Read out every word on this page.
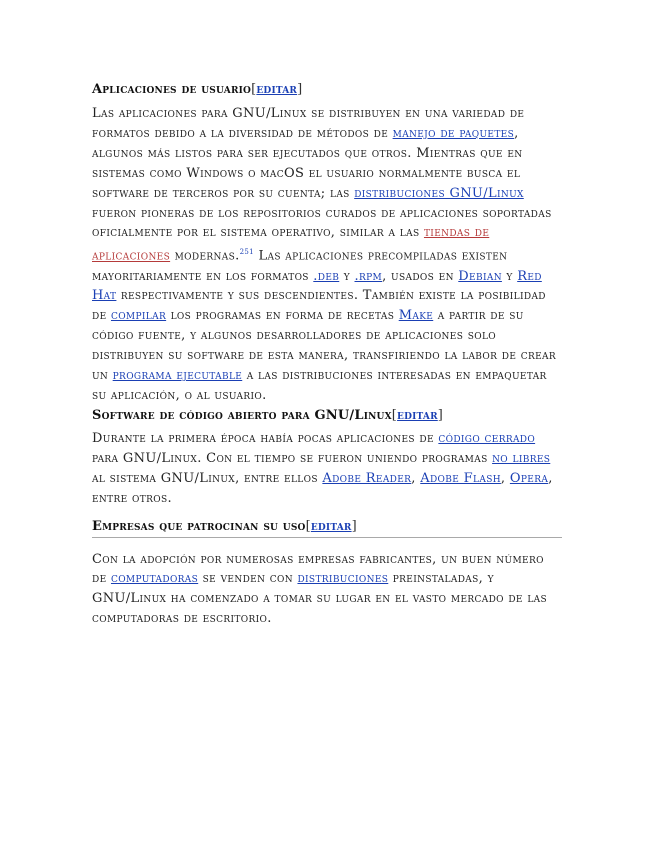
Aplicaciones de usuario[editar]

Las aplicaciones para GNU/Linux se distribuyen en una variedad de formatos debido a la diversidad de métodos de manejo de paquetes, algunos más listos para ser ejecutados que otros. Mientras que en sistemas como Windows o macOS el usuario normalmente busca el software de terceros por su cuenta; las distribuciones GNU/Linux fueron pioneras de los repositorios curados de aplicaciones soportadas oficialmente por el sistema operativo, similar a las tiendas de aplicaciones modernas.$^{251}$ Las aplicaciones precompiladas existen mayoritariamente en los formatos .deb y .rpm, usados en Debian y Red Hat respectivamente y sus descendientes. También existe la posibilidad de compilar los programas en forma de recetas Make a partir de su código fuente, y algunos desarrolladores de aplicaciones solo distribuyen su software de esta manera, transfiriendo la labor de crear un programa ejecutable a las distribuciones interesadas en empaquetar su aplicación, o al usuario.

Software de código abierto para GNU/Linux[editar]

Durante la primera época había pocas aplicaciones de código cerrado para GNU/Linux. Con el tiempo se fueron uniendo programas no libres al sistema GNU/Linux, entre ellos Adobe Reader, Adobe Flash, Opera, entre otros.

Empresas que patrocinan su uso[editar]

Con la adopción por numerosas empresas fabricantes, un buen número de computadoras se venden con distribuciones preinstaladas, y GNU/Linux ha comenzado a tomar su lugar en el vasto mercado de las computadoras de escritorio.
